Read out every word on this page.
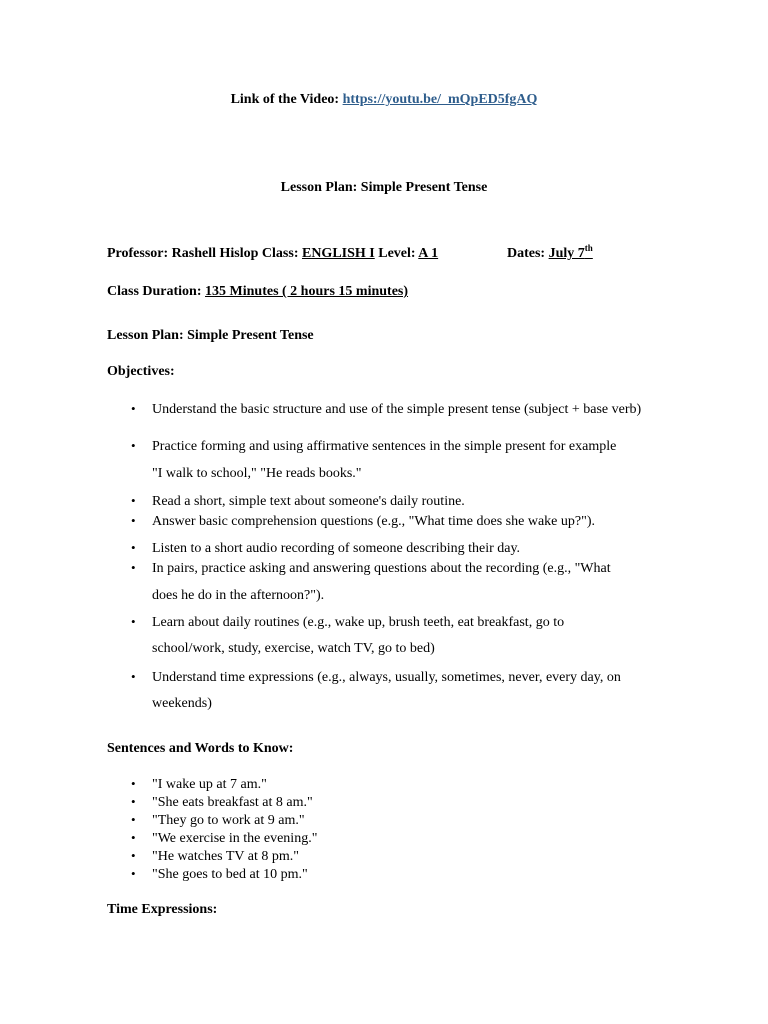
Link of the Video: https://youtu.be/_mQpED5fgAQ
Lesson Plan: Simple Present Tense
Professor: Rashell Hislop Class: ENGLISH I Level: A 1	Dates: July 7th
Class Duration: 135 Minutes ( 2 hours 15 minutes)
Lesson Plan: Simple Present Tense
Objectives:
• Understand the basic structure and use of the simple present tense (subject + base verb)
• Practice forming and using affirmative sentences in the simple present for example
"I walk to school," "He reads books."
• Read a short, simple text about someone's daily routine.
• Answer basic comprehension questions (e.g., "What time does she wake up?").
• Listen to a short audio recording of someone describing their day.
• In pairs, practice asking and answering questions about the recording (e.g., "What
does he do in the afternoon?").
• Learn about daily routines (e.g., wake up, brush teeth, eat breakfast, go to
school/work, study, exercise, watch TV, go to bed)
• Understand time expressions (e.g., always, usually, sometimes, never, every day, on
weekends)
Sentences and Words to Know:
• "I wake up at 7 am."
• "She eats breakfast at 8 am."
• "They go to work at 9 am."
• "We exercise in the evening."
• "He watches TV at 8 pm."
• "She goes to bed at 10 pm."
Time Expressions:
